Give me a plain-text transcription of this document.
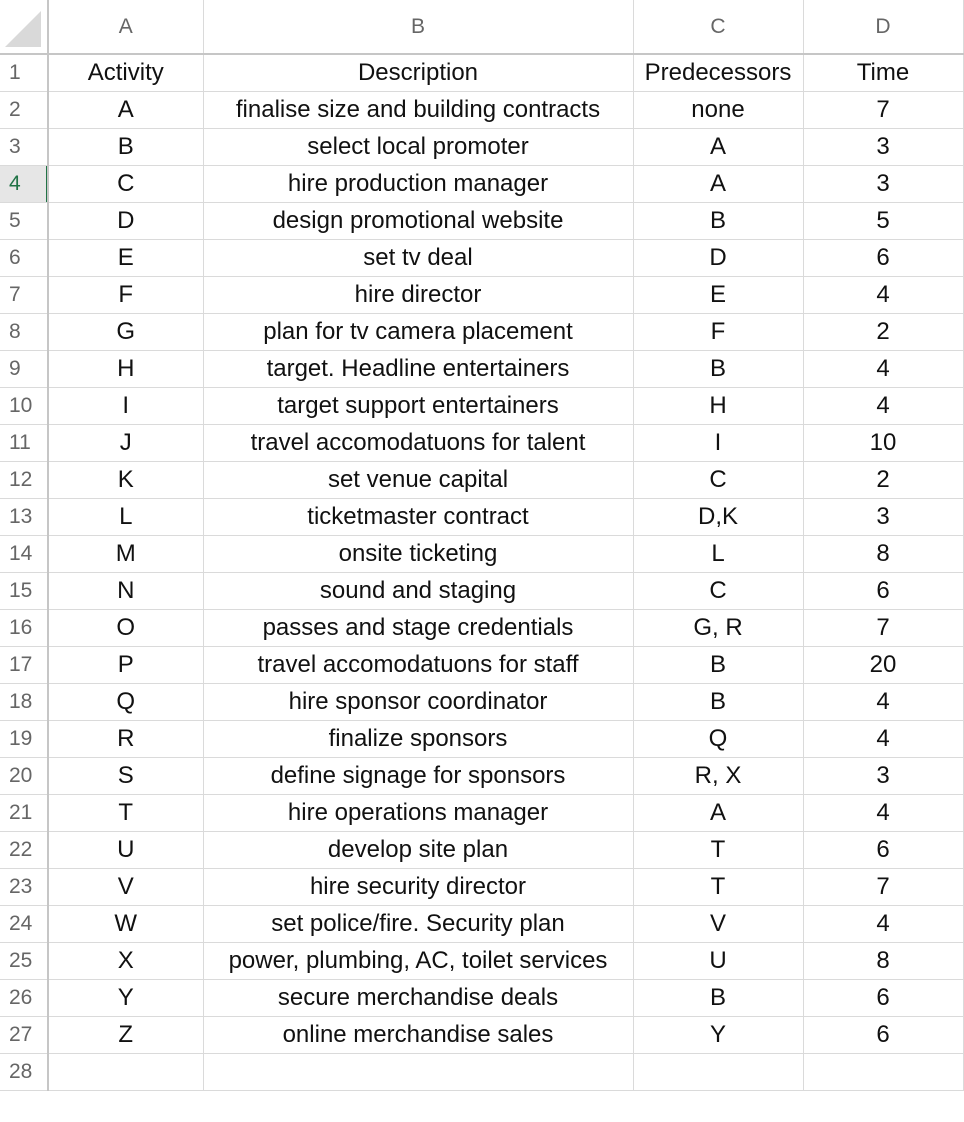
	A	B	C	D	
1	Activity	Description	Predecessors	Time	
2	A	finalise size and building contracts	none	7	
3	B	select local promoter	A	3	
4	C	hire production manager	A	3	
5	D	design promotional website	B	5	
6	E	set tv deal	D	6	
7	F	hire director	E	4	
8	G	plan for tv camera placement	F	2	
9	H	target. Headline entertainers	B	4	
10	I	target support entertainers	H	4	
11	J	travel accomodatuons for talent	I	10	
12	K	set venue capital	C	2	
13	L	ticketmaster contract	D,K	3	
14	M	onsite ticketing	L	8	
15	N	sound and staging	C	6	
16	O	passes and stage credentials	G, R	7	
17	P	travel accomodatuons for staff	B	20	
18	Q	hire sponsor coordinator	B	4	
19	R	finalize sponsors	Q	4	
20	S	define signage for sponsors	R, X	3	
21	T	hire operations manager	A	4	
22	U	develop site plan	T	6	
23	V	hire security director	T	7	
24	W	set police/fire. Security plan	V	4	
25	X	power, plumbing, AC, toilet services	U	8	
26	Y	secure merchandise deals	B	6	
27	Z	online merchandise sales	Y	6	
28					
